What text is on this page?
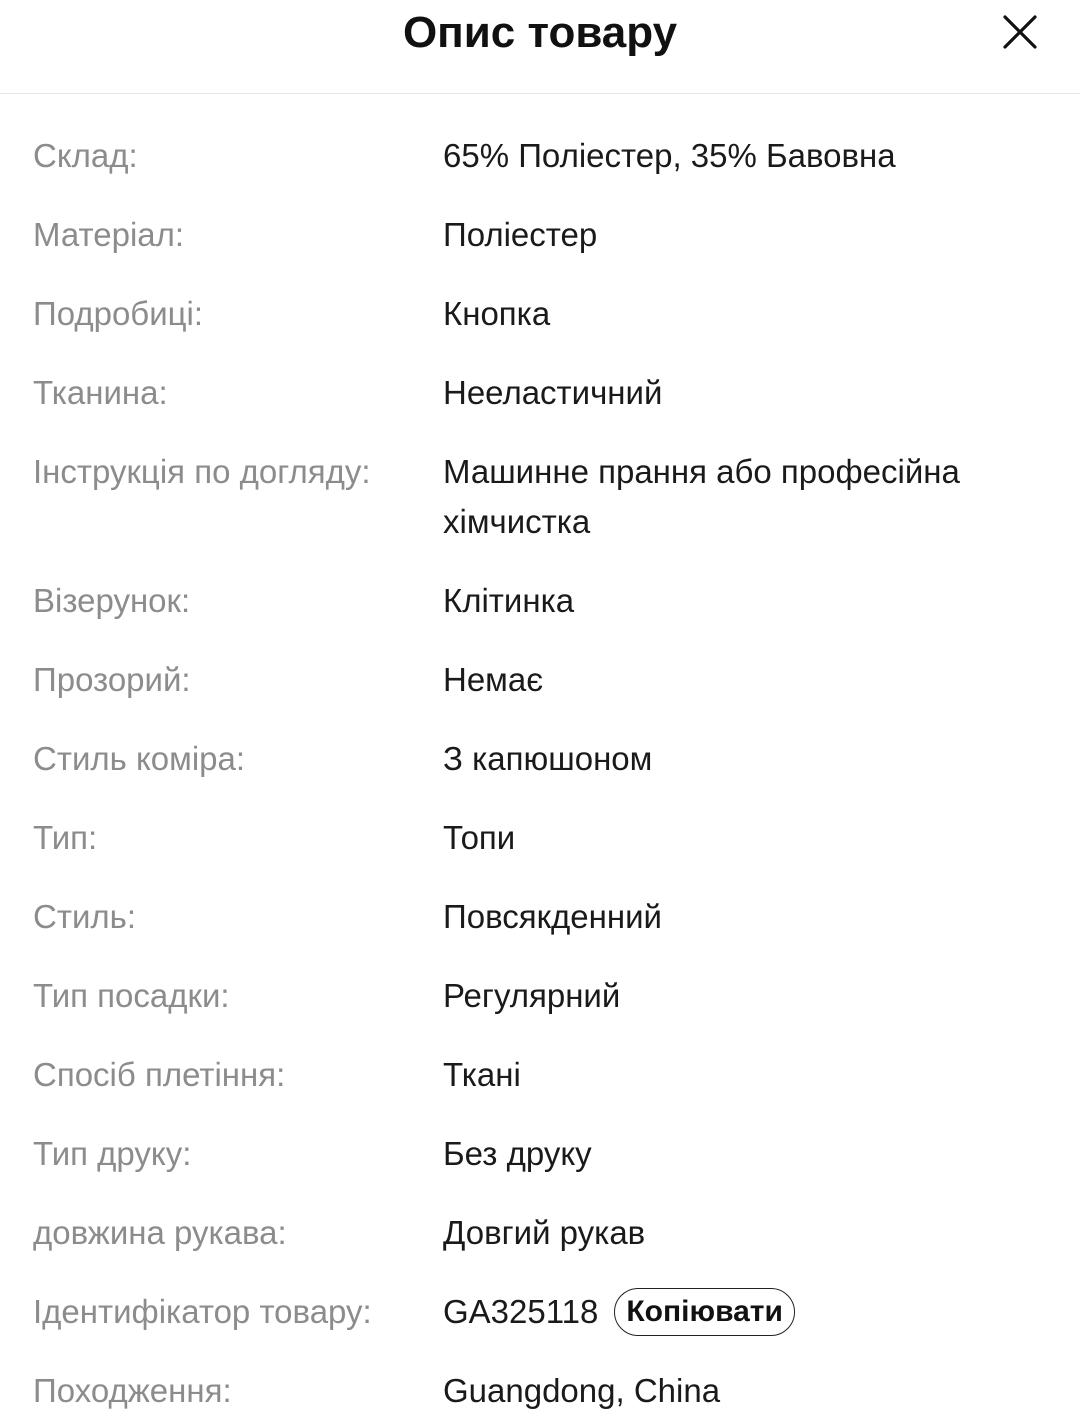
Опис товару
Склад:	65% Поліестер, 35% Бавовна
Матеріал:	Поліестер
Подробиці:	Кнопка
Тканина:	Нееластичний
Інструкція по догляду:	Машинне прання або професійна хімчистка
Візерунок:	Клітинка
Прозорий:	Немає
Стиль коміра:	З капюшоном
Тип:	Топи
Стиль:	Повсякденний
Тип посадки:	Регулярний
Спосіб плетіння:	Ткані
Тип друку:	Без друку
довжина рукава:	Довгий рукав
Ідентифікатор товару:	GA325118 Копіювати
Походження:	Guangdong, China
